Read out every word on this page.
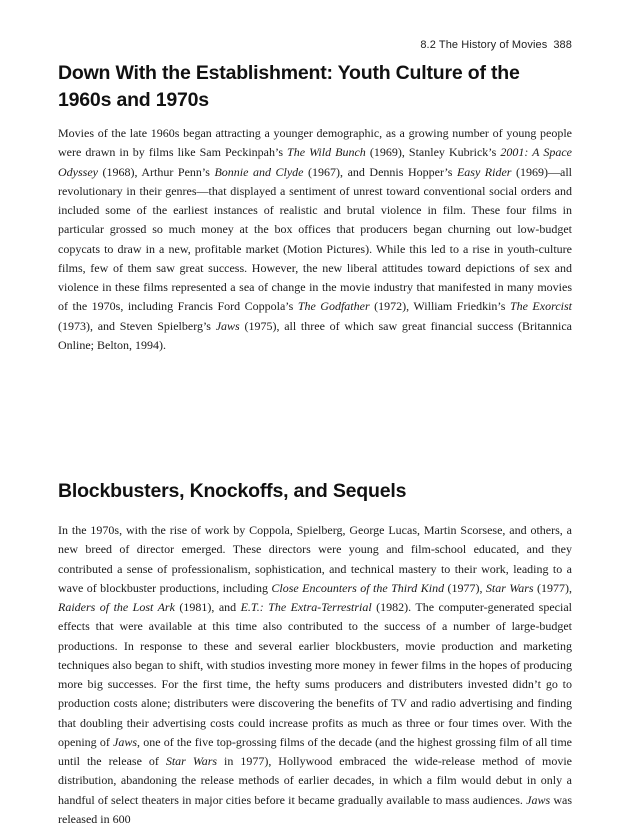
8.2 The History of Movies 388
Down With the Establishment: Youth Culture of the 1960s and 1970s

Movies of the late 1960s began attracting a younger demographic, as a growing number of young people were drawn in by films like Sam Peckinpah’s The Wild Bunch (1969), Stanley Kubrick’s 2001: A Space Odyssey (1968), Arthur Penn’s Bonnie and Clyde (1967), and Dennis Hopper’s Easy Rider (1969)—all revolutionary in their genres—that displayed a sentiment of unrest toward conventional social orders and included some of the earliest instances of realistic and brutal violence in film. These four films in particular grossed so much money at the box offices that producers began churning out low-budget copycats to draw in a new, profitable market (Motion Pictures). While this led to a rise in youth-culture films, few of them saw great success. However, the new liberal attitudes toward depictions of sex and violence in these films represented a sea of change in the movie industry that manifested in many movies of the 1970s, including Francis Ford Coppola’s The Godfather (1972), William Friedkin’s The Exorcist (1973), and Steven Spielberg’s Jaws (1975), all three of which saw great financial success (Britannica Online; Belton, 1994).

Blockbusters, Knockoffs, and Sequels

In the 1970s, with the rise of work by Coppola, Spielberg, George Lucas, Martin Scorsese, and others, a new breed of director emerged. These directors were young and film-school educated, and they contributed a sense of professionalism, sophistication, and technical mastery to their work, leading to a wave of blockbuster productions, including Close Encounters of the Third Kind (1977), Star Wars (1977), Raiders of the Lost Ark (1981), and E.T.: The Extra-Terrestrial (1982). The computer-generated special effects that were available at this time also contributed to the success of a number of large-budget productions. In response to these and several earlier blockbusters, movie production and marketing techniques also began to shift, with studios investing more money in fewer films in the hopes of producing more big successes. For the first time, the hefty sums producers and distributers invested didn’t go to production costs alone; distributers were discovering the benefits of TV and radio advertising and finding that doubling their advertising costs could increase profits as much as three or four times over. With the opening of Jaws, one of the five top-grossing films of the decade (and the highest grossing film of all time until the release of Star Wars in 1977), Hollywood embraced the wide-release method of movie distribution, abandoning the release methods of earlier decades, in which a film would debut in only a handful of select theaters in major cities before it became gradually available to mass audiences. Jaws was released in 600
